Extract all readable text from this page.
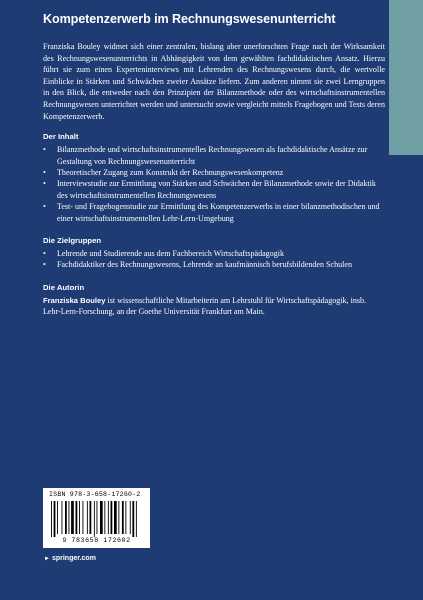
Kompetenzerwerb im Rechnungswesenunterricht

Franziska Bouley widmet sich einer zentralen, bislang aber unerforschten Frage nach der Wirksamkeit des Rechnungswesenunterrichts in Abhängigkeit von dem gewählten fachdidaktischen Ansatz. Hierzu führt sie zum einen Experteninterviews mit Lehrenden des Rechnungswesens durch, die wertvolle Einblicke in Stärken und Schwächen zweier Ansätze liefern. Zum anderen nimmt sie zwei Lerngruppen in den Blick, die entweder nach den Prinzipien der Bilanzmethode oder des wirtschaftsinstrumentellen Rechnungswesen unterrichtet werden und untersucht sowie vergleicht mittels Fragebogen und Tests deren Kompetenzerwerb.

Der Inhalt
• Bilanzmethode und wirtschaftsinstrumentelles Rechnungswesen als fachdidaktische Ansätze zur Gestaltung von Rechnungswesenunterricht
• Theoretischer Zugang zum Konstrukt der Rechnungswesenkompetenz
• Interviewstudie zur Ermittlung von Stärken und Schwächen der Bilanzmethode sowie der Didaktik des wirtschaftsinstrumentellen Rechnungswesens
• Test- und Fragebogenstudie zur Ermittlung des Kompetenzerwerbs in einer bilanzmethodischen und einer wirtschaftsinstrumentellen Lehr-Lern-Umgebung
Die Zielgruppen
• Lehrende und Studierende aus dem Fachbereich Wirtschaftspädagogik
• Fachdidaktiker des Rechnungswesens, Lehrende an kaufmännisch berufsbildenden Schulen
Die Autorin

Franziska Bouley ist wissenschaftliche Mitarbeiterin am Lehrstuhl für Wirtschaftspädagogik, insb. Lehr-Lern-Forschung, an der Goethe Universität Frankfurt am Main.

ISBN 978-3-658-17260-2
9 783658 172602
► springer.com
